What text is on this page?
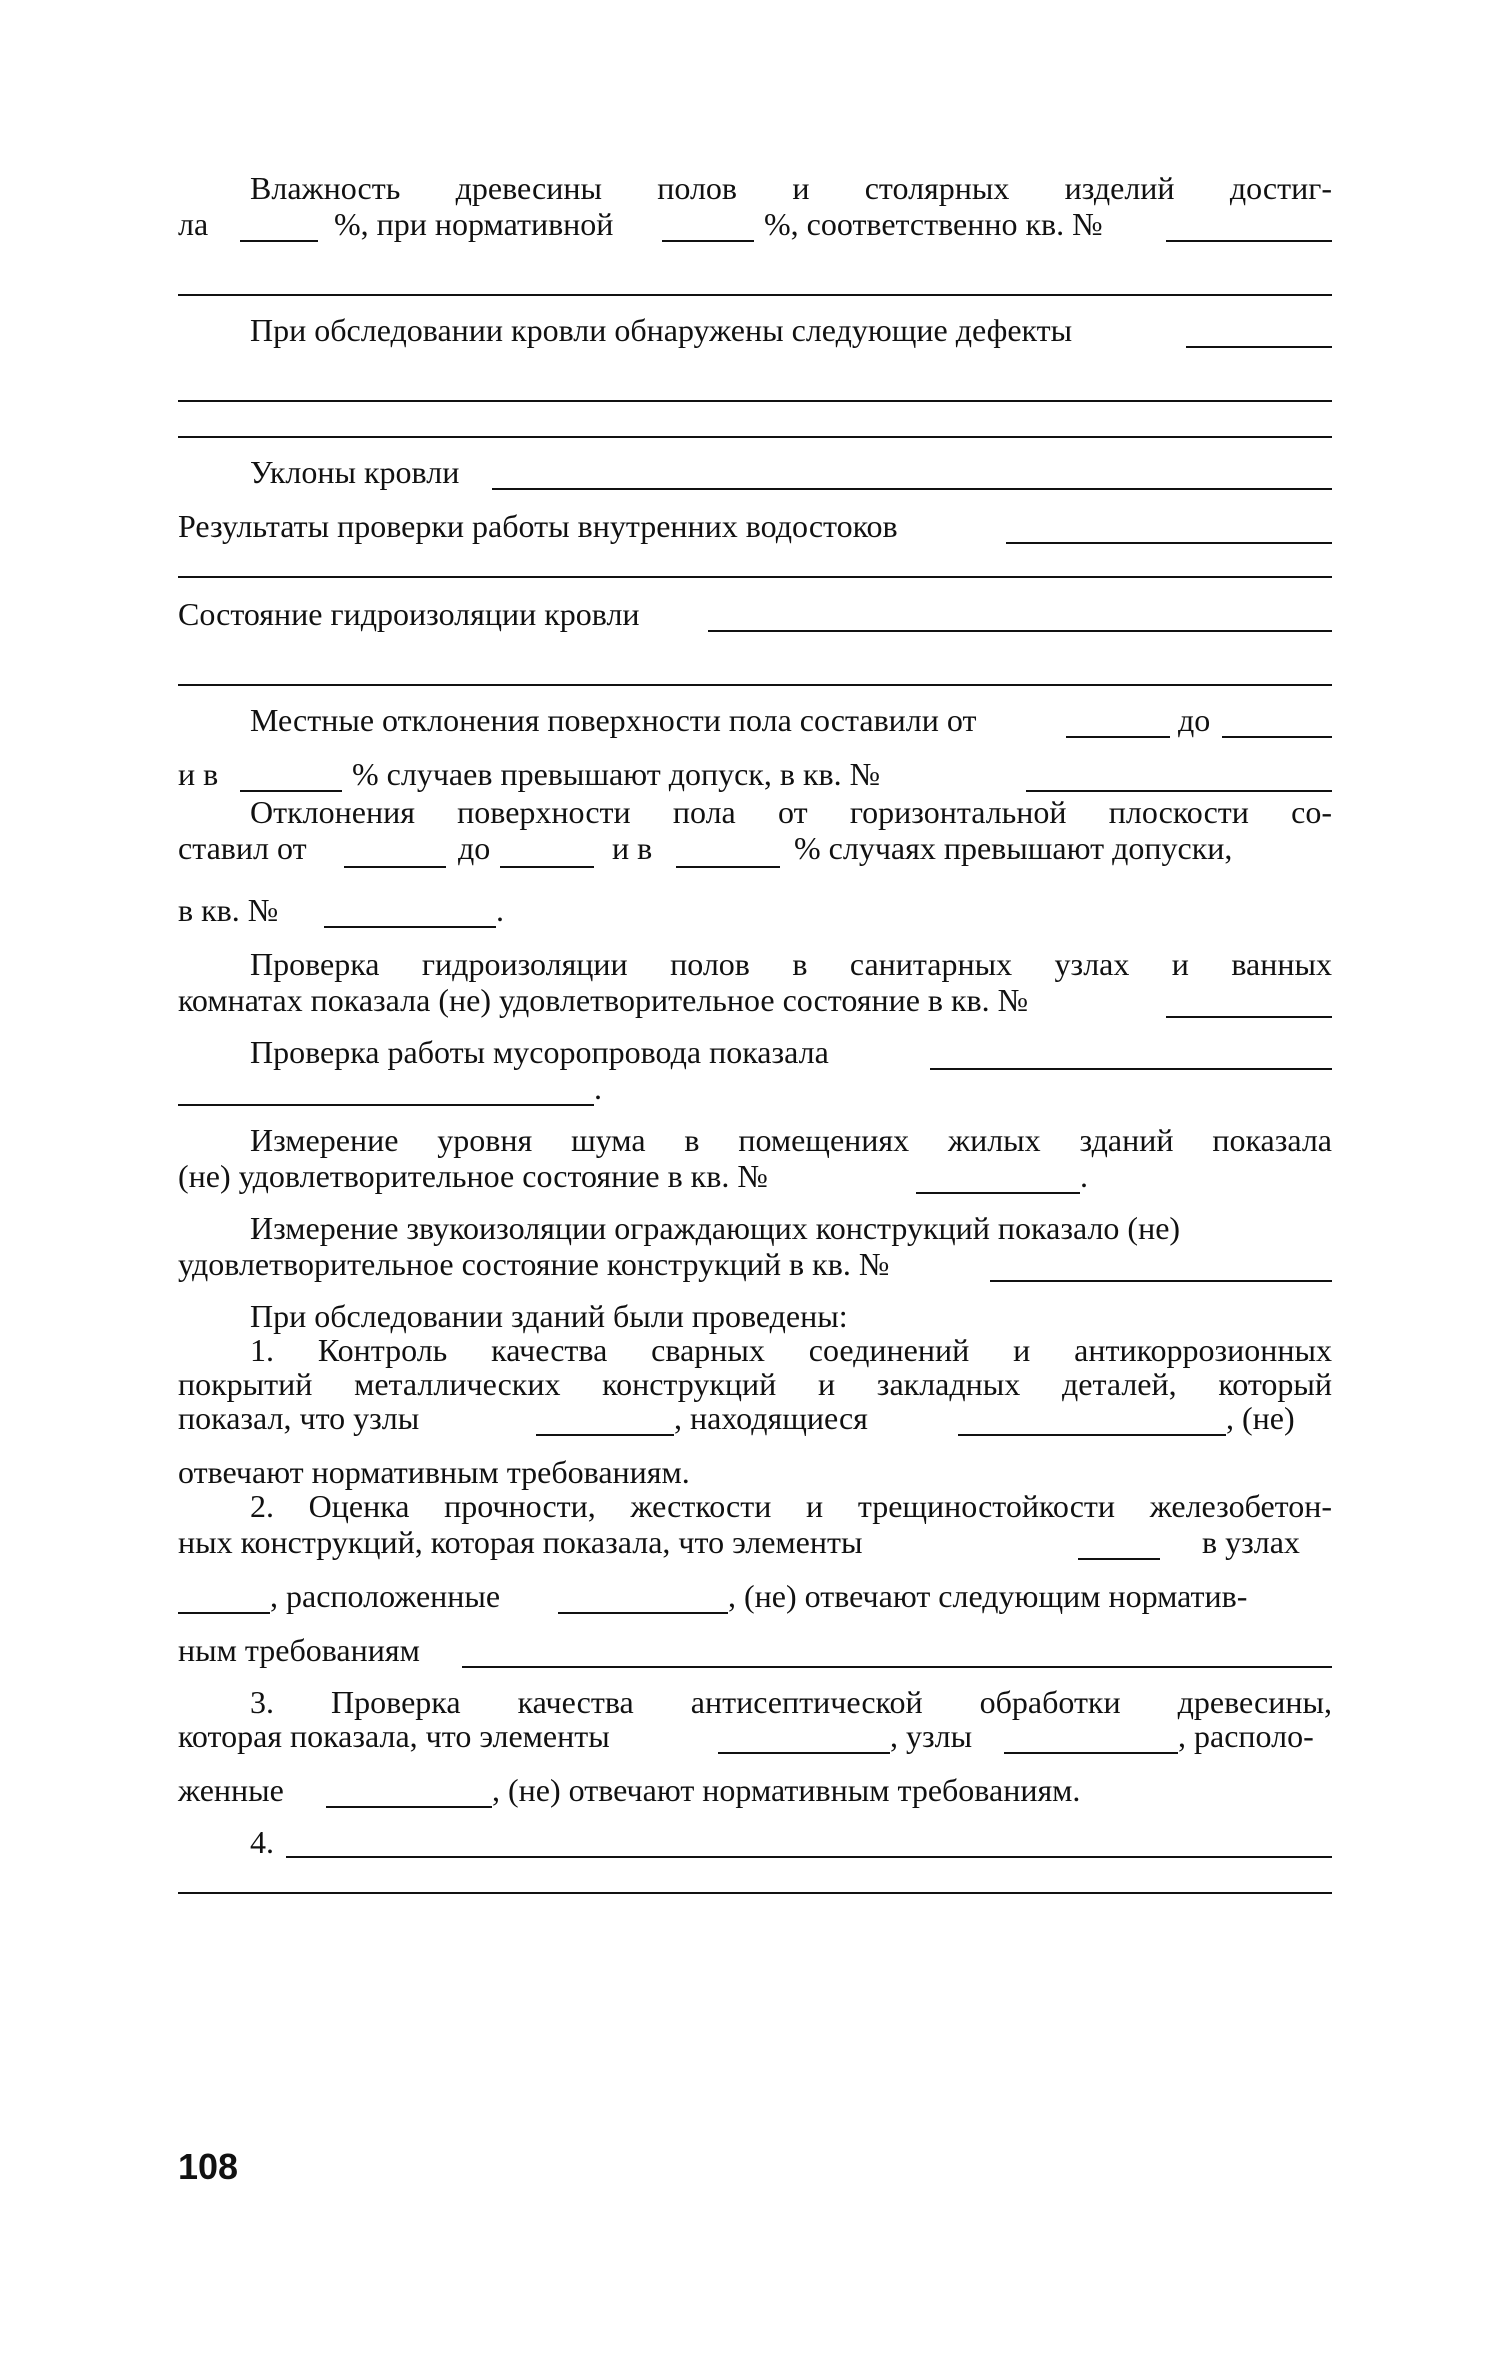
Влажность древесины полов и столярных изделий достиг-
ла	%, при нормативной	%, соответственно кв. №
При обследовании кровли обнаружены следующие дефекты
Уклоны кровли
Результаты проверки работы внутренних водостоков
Состояние гидроизоляции кровли
Местные отклонения поверхности пола составили от	до
и в	% случаев превышают допуск, в кв. №
Отклонения поверхности пола от горизонтальной плоскости со-
ставил от	до	и в	% случаях превышают допуски,
в кв. №	.
Проверка гидроизоляции полов в санитарных узлах и ванных
комнатах показала (не) удовлетворительное состояние в кв. №
Проверка работы мусоропровода показала
.
Измерение уровня шума в помещениях жилых зданий показала
(не) удовлетворительное состояние в кв. №	.
Измерение звукоизоляции ограждающих конструкций показало (не)
удовлетворительное состояние конструкций в кв. №
При обследовании зданий были проведены:
1. Контроль качества сварных соединений и антикоррозионных
покрытий металлических конструкций и закладных деталей, который
показал, что узлы	, находящиеся	, (не)
отвечают нормативным требованиям.
2. Оценка прочности, жесткости и трещиностойкости железобетон-
ных конструкций, которая показала, что элементы	в узлах
, расположенные	, (не) отвечают следующим норматив-
ным требованиям
3. Проверка качества антисептической обработки древесины,
которая показала, что элементы	, узлы	, располо-
женные	, (не) отвечают нормативным требованиям.
4.
108
